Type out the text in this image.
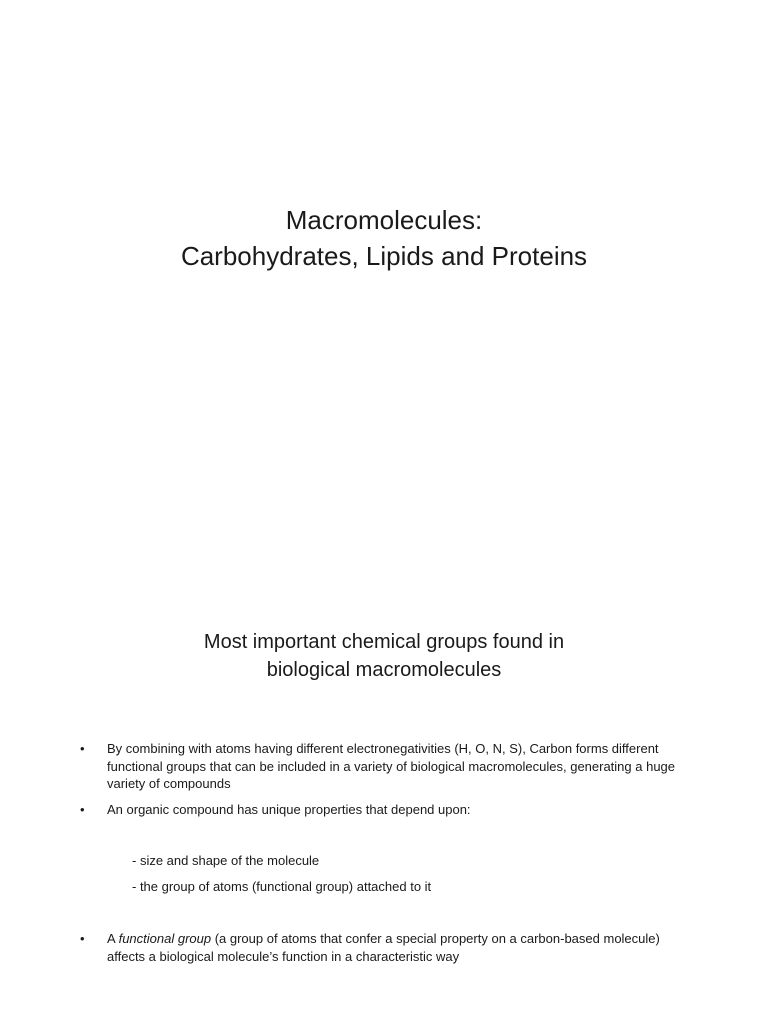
Macromolecules:
Carbohydrates, Lipids and Proteins
Most important chemical groups found in
biological macromolecules
• By combining with atoms having different electronegativities (H, O, N, S), Carbon forms different functional groups that can be included in a variety of biological macromolecules, generating a huge variety of compounds
• An organic compound has unique properties that depend upon:
- size and shape of the molecule
- the group of atoms (functional group) attached to it
• A functional group (a group of atoms that confer a special property on a carbon-based molecule) affects a biological molecule’s function in a characteristic way
